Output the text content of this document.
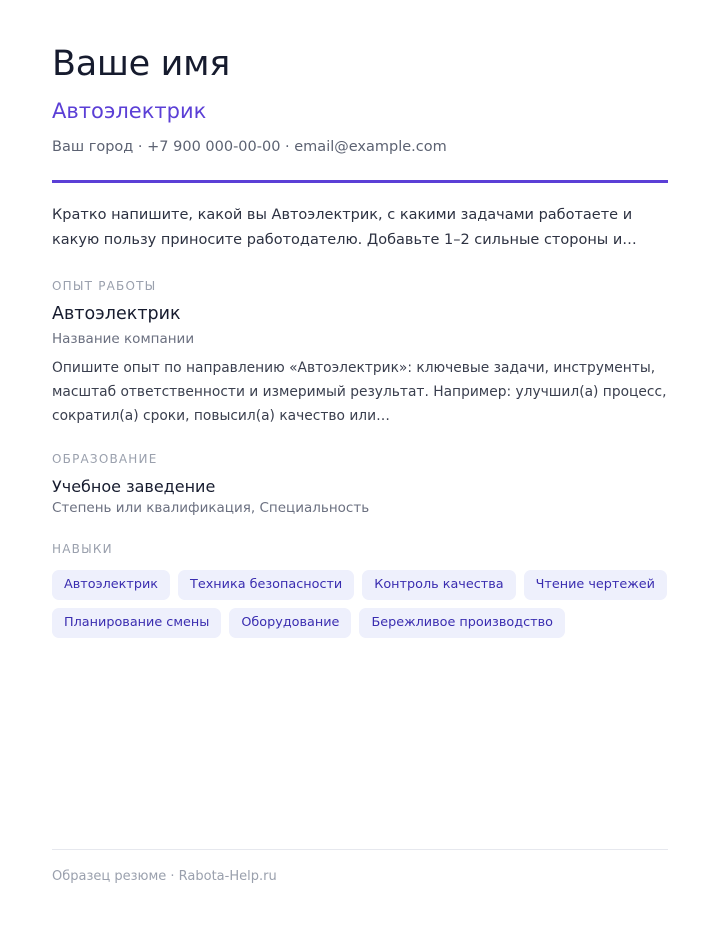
Ваше имя

Автоэлектрик

Ваш город · +7 900 000-00-00 · email@example.com

Кратко напишите, какой вы Автоэлектрик, с какими задачами работаете и какую пользу приносите работодателю. Добавьте 1–2 сильные стороны и…

ОПЫТ РАБОТЫ

Автоэлектрик

Название компании

Опишите опыт по направлению «Автоэлектрик»: ключевые задачи, инструменты, масштаб ответственности и измеримый результат. Например: улучшил(а) процесс, сократил(а) сроки, повысил(а) качество или…

ОБРАЗОВАНИЕ

Учебное заведение

Степень или квалификация, Специальность

НАВЫКИ
Автоэлектрик	Техника безопасности	Контроль качества	Чтение чертежей
Планирование смены	Оборудование	Бережливое производство

Образец резюме · Rabota-Help.ru
